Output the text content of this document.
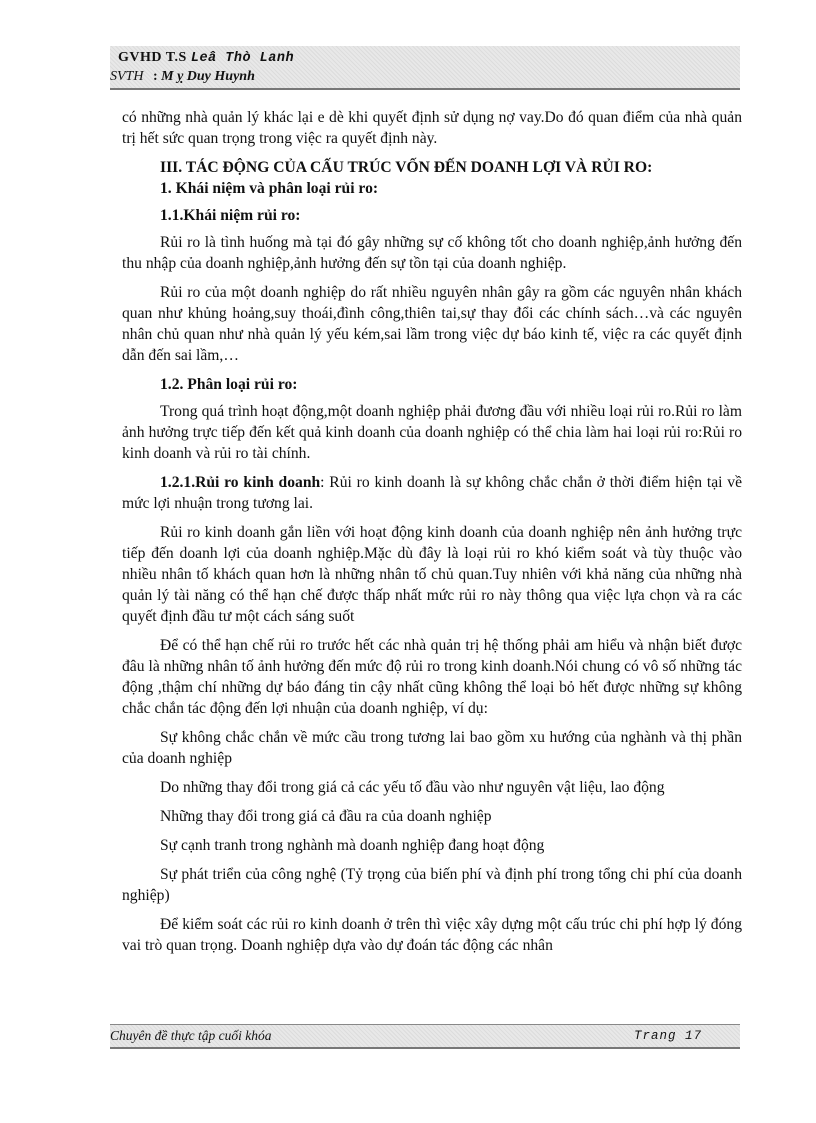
GVHD T.S Leâ Thò Lanh
SVTH : M ỵ Duy Huynh

có những nhà quản lý khác lại e dè khi quyết định sử dụng nợ vay.Do đó quan điểm của nhà quản trị hết sức quan trọng trong việc ra quyết định này.

III. TÁC ĐỘNG CỦA CẤU TRÚC VỐN ĐẾN DOANH LỢI VÀ RỦI RO:
1. Khái niệm và phân loại rủi ro:
1.1.Khái niệm rủi ro:

Rủi ro là tình huống mà tại đó gây những sự cố không tốt cho doanh nghiệp,ảnh hưởng đến thu nhập của doanh nghiệp,ảnh hưởng đến sự tồn tại của doanh nghiệp.

Rủi ro của một doanh nghiệp do rất nhiều nguyên nhân gây ra gồm các nguyên nhân khách quan như khủng hoảng,suy thoái,đình công,thiên tai,sự thay đổi các chính sách…và các nguyên nhân chủ quan như nhà quản lý yếu kém,sai lầm trong việc dự báo kinh tế, việc ra các quyết định dẫn đến sai lầm,…

1.2. Phân loại rủi ro:

Trong quá trình hoạt động,một doanh nghiệp phải đương đầu với nhiều loại rủi ro.Rủi ro làm ảnh hưởng trực tiếp đến kết quả kinh doanh của doanh nghiệp có thể chia làm hai loại rủi ro:Rủi ro kinh doanh và rủi ro tài chính.

1.2.1.Rủi ro kinh doanh: Rủi ro kinh doanh là sự không chắc chắn ở thời điểm hiện tại về mức lợi nhuận trong tương lai.

Rủi ro kinh doanh gắn liền với hoạt động kinh doanh của doanh nghiệp nên ảnh hưởng trực tiếp đến doanh lợi của doanh nghiệp.Mặc dù đây là loại rủi ro khó kiểm soát và tùy thuộc vào nhiều nhân tố khách quan hơn là những nhân tố chủ quan.Tuy nhiên với khả năng của những nhà quản lý tài năng có thể hạn chế được thấp nhất mức rủi ro này thông qua việc lựa chọn và ra các quyết định đầu tư một cách sáng suốt

Để có thể hạn chế rủi ro trước hết các nhà quản trị hệ thống phải am hiểu và nhận biết được đâu là những nhân tố ảnh hưởng đến mức độ rủi ro trong kinh doanh.Nói chung có vô số những tác động ,thậm chí những dự báo đáng tin cậy nhất cũng không thể loại bỏ hết được những sự không chắc chắn tác động đến lợi nhuận của doanh nghiệp, ví dụ:

Sự không chắc chắn về mức cầu trong tương lai bao gồm xu hướng của nghành và thị phần của doanh nghiệp

Do những thay đổi trong giá cả các yếu tố đầu vào như nguyên vật liệu, lao động

Những thay đổi trong giá cả đầu ra của doanh nghiệp

Sự cạnh tranh trong nghành mà doanh nghiệp đang hoạt động

Sự phát triển của công nghệ (Tỷ trọng của biến phí và định phí trong tổng chi phí của doanh nghiệp)

Để kiểm soát các rủi ro kinh doanh ở trên thì việc xây dựng một cấu trúc chi phí hợp lý đóng vai trò quan trọng. Doanh nghiệp dựa vào dự đoán tác động các nhân

Chuyên đề thực tập cuối khóa	Trang 17
